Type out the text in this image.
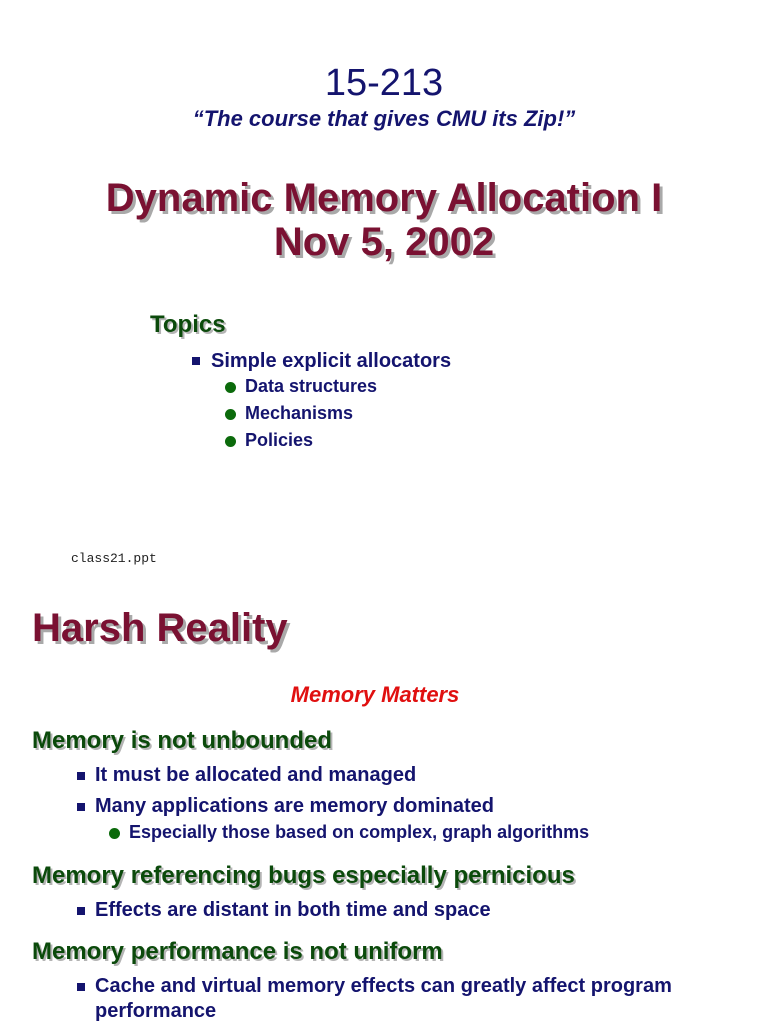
15-213
“The course that gives CMU its Zip!”
Dynamic Memory Allocation I
Nov 5, 2002
Topics
Simple explicit allocators
Data structures
Mechanisms
Policies
class21.ppt
Harsh Reality
Memory Matters
Memory is not unbounded
It must be allocated and managed
Many applications are memory dominated
Especially those based on complex, graph algorithms
Memory referencing bugs especially pernicious
Effects are distant in both time and space
Memory performance is not uniform
Cache and virtual memory effects can greatly affect program
performance
